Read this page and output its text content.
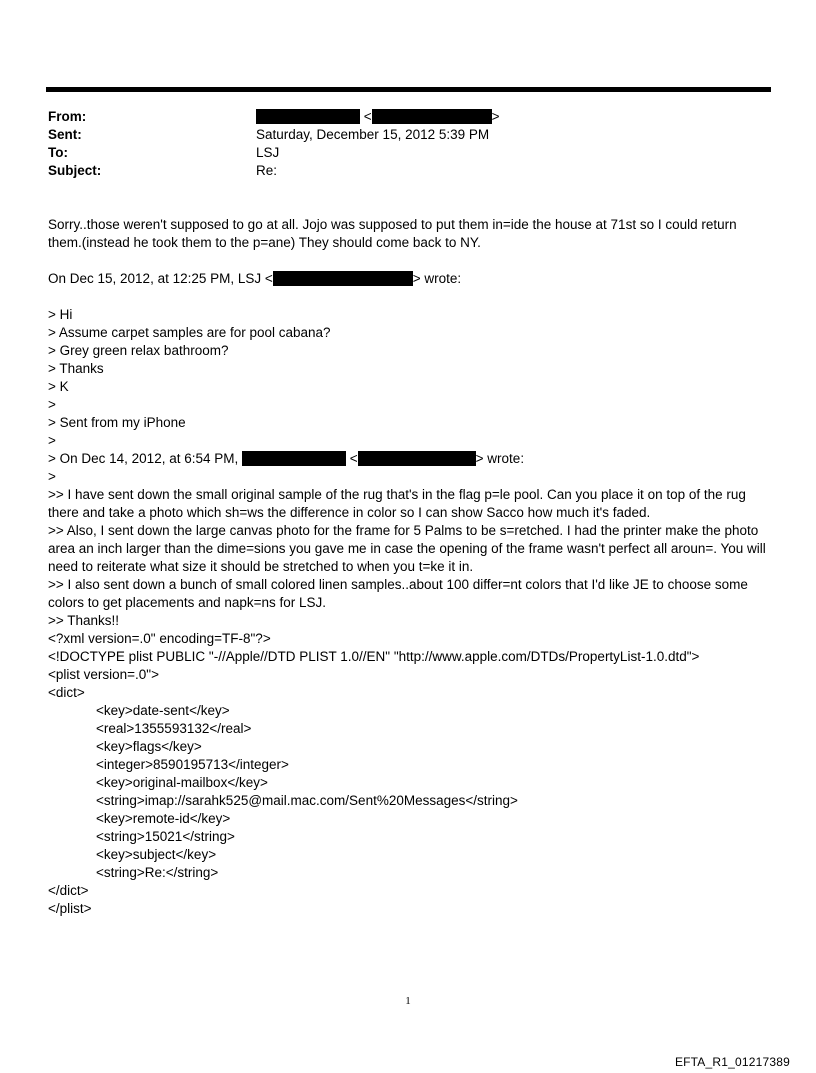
From:	<	>
Sent:	Saturday, December 15, 2012 5:39 PM
To:	LSJ
Subject:	Re:
Sorry..those weren't supposed to go at all. Jojo was supposed to put them in=ide the house at 71st so I could return
them.(instead he took them to the p=ane) They should come back to NY.
On Dec 15, 2012, at 12:25 PM, LSJ <	> wrote:
> Hi
> Assume carpet samples are for pool cabana?
> Grey green relax bathroom?
> Thanks
> K
>
> Sent from my iPhone
>
> On Dec 14, 2012, at 6:54 PM,	<	> wrote:
>
>> I have sent down the small original sample of the rug that's in the flag p=le pool. Can you place it on top of the rug
there and take a photo which sh=ws the difference in color so I can show Sacco how much it's faded.
>> Also, I sent down the large canvas photo for the frame for 5 Palms to be s=retched. I had the printer make the photo
area an inch larger than the dime=sions you gave me in case the opening of the frame wasn't perfect all aroun=. You will
need to reiterate what size it should be stretched to when you t=ke it in.
>> I also sent down a bunch of small colored linen samples..about 100 differ=nt colors that I'd like JE to choose some
colors to get placements and napk=ns for LSJ.
>> Thanks!!
<?xml version=.0" encoding=TF-8"?>
<!DOCTYPE plist PUBLIC "-//Apple//DTD PLIST 1.0//EN" "http://www.apple.com/DTDs/PropertyList-1.0.dtd">
<plist version=.0">
<dict>
<key>date-sent</key>
<real>1355593132</real>
<key>flags</key>
<integer>8590195713</integer>
<key>original-mailbox</key>
<string>imap://sarahk525@mail.mac.com/Sent%20Messages</string>
<key>remote-id</key>
<string>15021</string>
<key>subject</key>
<string>Re:</string>
</dict>
</plist>
1
EFTA_R1_01217389
